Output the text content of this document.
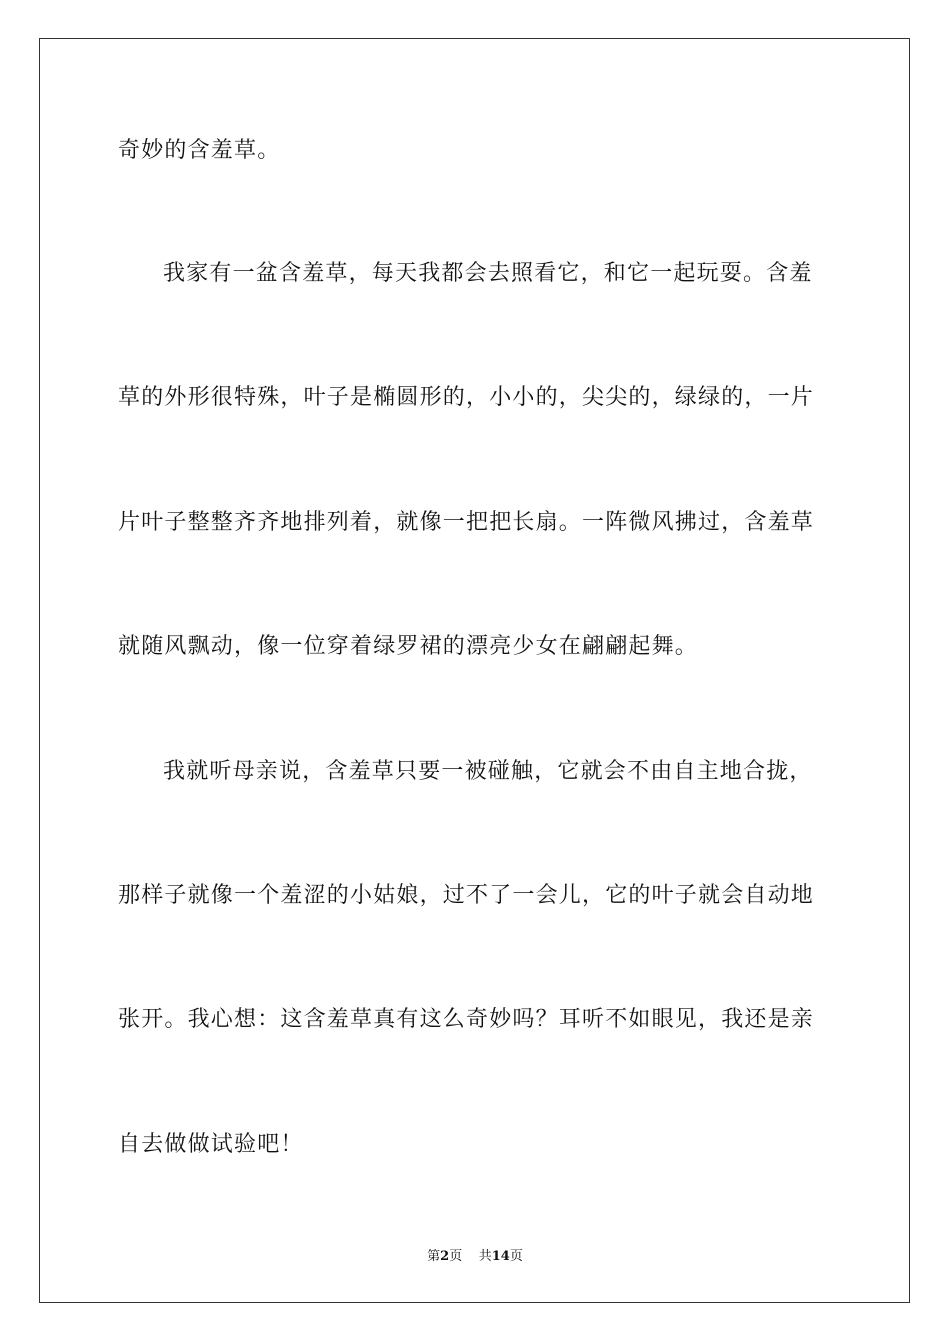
奇妙的含羞草。
我家有一盆含羞草，每天我都会去照看它，和它一起玩耍。含羞
草的外形很特殊，叶子是椭圆形的，小小的，尖尖的，绿绿的，一片
片叶子整整齐齐地排列着，就像一把把长扇。一阵微风拂过，含羞草
就随风飘动，像一位穿着绿罗裙的漂亮少女在翩翩起舞。
我就听母亲说，含羞草只要一被碰触，它就会不由自主地合拢，
那样子就像一个羞涩的小姑娘，过不了一会儿，它的叶子就会自动地
张开。我心想：这含羞草真有这么奇妙吗？耳听不如眼见，我还是亲
自去做做试验吧！
第2页 共14页
